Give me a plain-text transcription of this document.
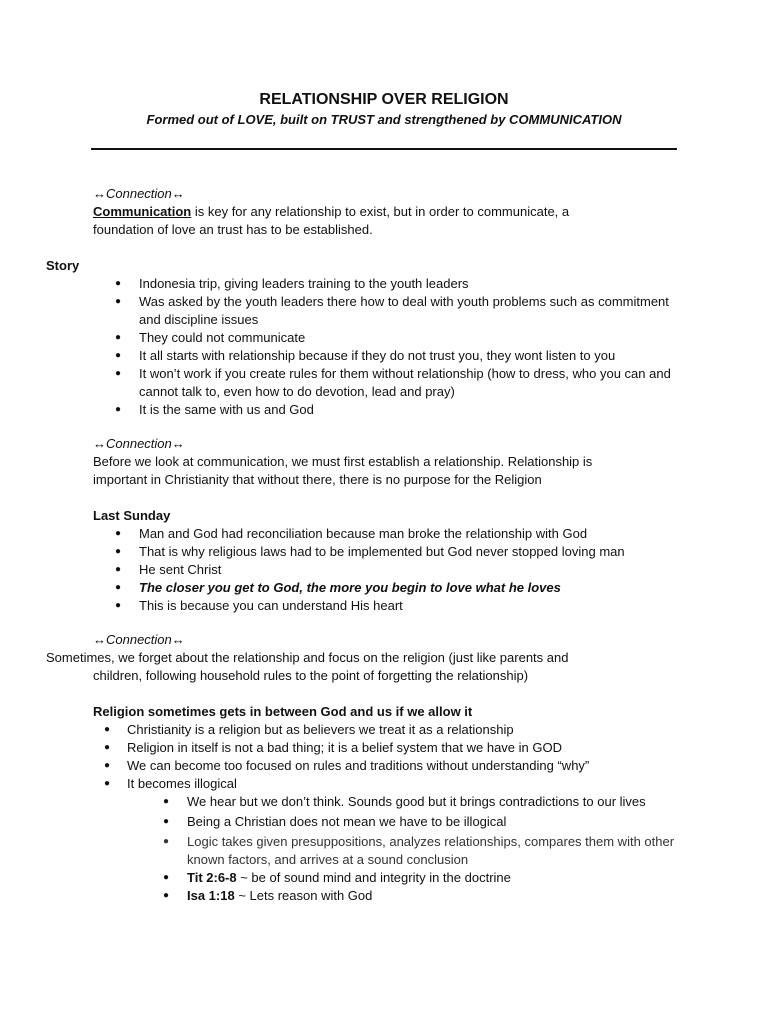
RELATIONSHIP OVER RELIGION
Formed out of LOVE, built on TRUST and strengthened by COMMUNICATION
↔Connection↔
Communication is key for any relationship to exist, but in order to communicate, a
foundation of love an trust has to be established.
Story
● Indonesia trip, giving leaders training to the youth leaders
● Was asked by the youth leaders there how to deal with youth problems such as commitment and discipline issues
● They could not communicate
● It all starts with relationship because if they do not trust you, they wont listen to you
● It won’t work if you create rules for them without relationship (how to dress, who you can and cannot talk to, even how to do devotion, lead and pray)
● It is the same with us and God
↔Connection↔
Before we look at communication, we must first establish a relationship. Relationship is
important in Christianity that without there, there is no purpose for the Religion
Last Sunday
● Man and God had reconciliation because man broke the relationship with God
● That is why religious laws had to be implemented but God never stopped loving man
● He sent Christ
● The closer you get to God, the more you begin to love what he loves
● This is because you can understand His heart
↔Connection↔
Sometimes, we forget about the relationship and focus on the religion (just like parents and
children, following household rules to the point of forgetting the relationship)
Religion sometimes gets in between God and us if we allow it
● Christianity is a religion but as believers we treat it as a relationship
● Religion in itself is not a bad thing; it is a belief system that we have in GOD
● We can become too focused on rules and traditions without understanding “why”
● It becomes illogical
● We hear but we don’t think. Sounds good but it brings contradictions to our lives
● Being a Christian does not mean we have to be illogical
● Logic takes given presuppositions, analyzes relationships, compares them with other known factors, and arrives at a sound conclusion
● Tit 2:6-8 ~ be of sound mind and integrity in the doctrine
● Isa 1:18 ~ Lets reason with God
